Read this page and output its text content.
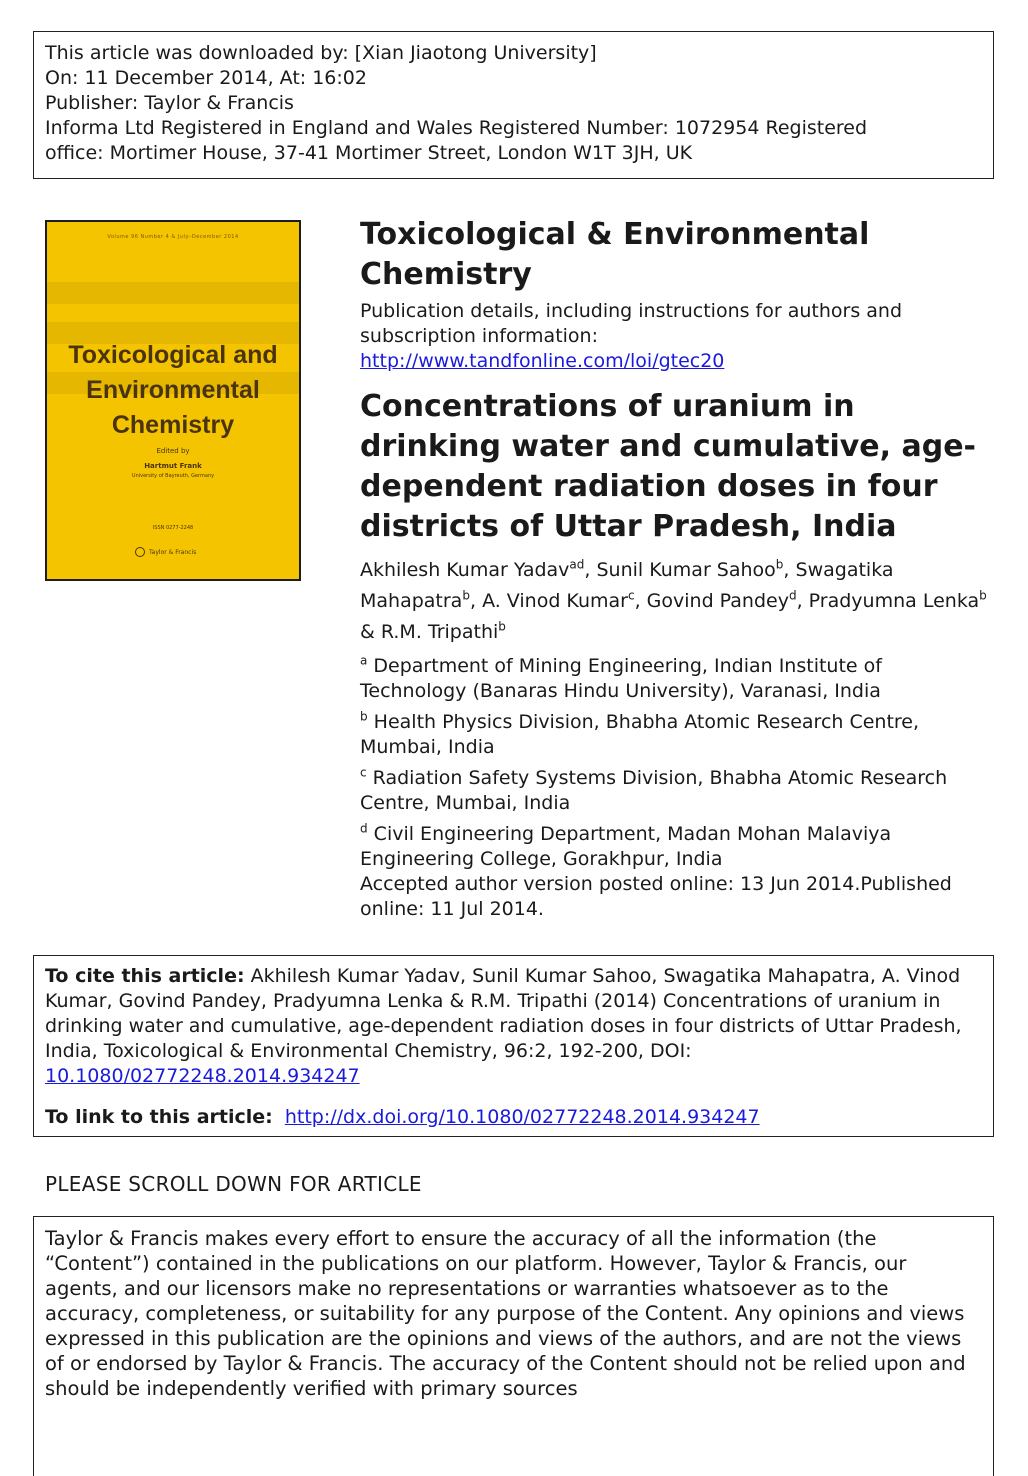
This article was downloaded by: [Xian Jiaotong University]
On: 11 December 2014, At: 16:02
Publisher: Taylor & Francis
Informa Ltd Registered in England and Wales Registered Number: 1072954 Registered
office: Mortimer House, 37-41 Mortimer Street, London W1T 3JH, UK
Volume 96 Number 4 & July–December 2014
Toxicological and
Environmental
Chemistry
Edited by
Hartmut Frank
University of Bayreuth, Germany
ISSN 0277-2248
Taylor & Francis
Toxicological & Environmental Chemistry
Publication details, including instructions for authors and subscription information:
http://www.tandfonline.com/loi/gtec20
Concentrations of uranium in drinking water and cumulative, age-dependent radiation doses in four districts of Uttar Pradesh, India
Akhilesh Kumar Yadav$^{ad}$, Sunil Kumar Sahoo$^b$, Swagatika Mahapatra$^b$, A. Vinod Kumar$^c$, Govind Pandey$^d$, Pradyumna Lenka$^b$ & R.M. Tripathi$^b$
$^a$ Department of Mining Engineering, Indian Institute of Technology (Banaras Hindu University), Varanasi, India
$^b$ Health Physics Division, Bhabha Atomic Research Centre, Mumbai, India
$^c$ Radiation Safety Systems Division, Bhabha Atomic Research Centre, Mumbai, India
$^d$ Civil Engineering Department, Madan Mohan Malaviya Engineering College, Gorakhpur, India
Accepted author version posted online: 13 Jun 2014.Published online: 11 Jul 2014.
To cite this article: Akhilesh Kumar Yadav, Sunil Kumar Sahoo, Swagatika Mahapatra, A. Vinod Kumar, Govind Pandey, Pradyumna Lenka & R.M. Tripathi (2014) Concentrations of uranium in drinking water and cumulative, age-dependent radiation doses in four districts of Uttar Pradesh, India, Toxicological & Environmental Chemistry, 96:2, 192-200, DOI: 10.1080/02772248.2014.934247
To link to this article: http://dx.doi.org/10.1080/02772248.2014.934247
PLEASE SCROLL DOWN FOR ARTICLE
Taylor & Francis makes every effort to ensure the accuracy of all the information (the “Content”) contained in the publications on our platform. However, Taylor & Francis, our agents, and our licensors make no representations or warranties whatsoever as to the accuracy, completeness, or suitability for any purpose of the Content. Any opinions and views expressed in this publication are the opinions and views of the authors, and are not the views of or endorsed by Taylor & Francis. The accuracy of the Content should not be relied upon and should be independently verified with primary sources
